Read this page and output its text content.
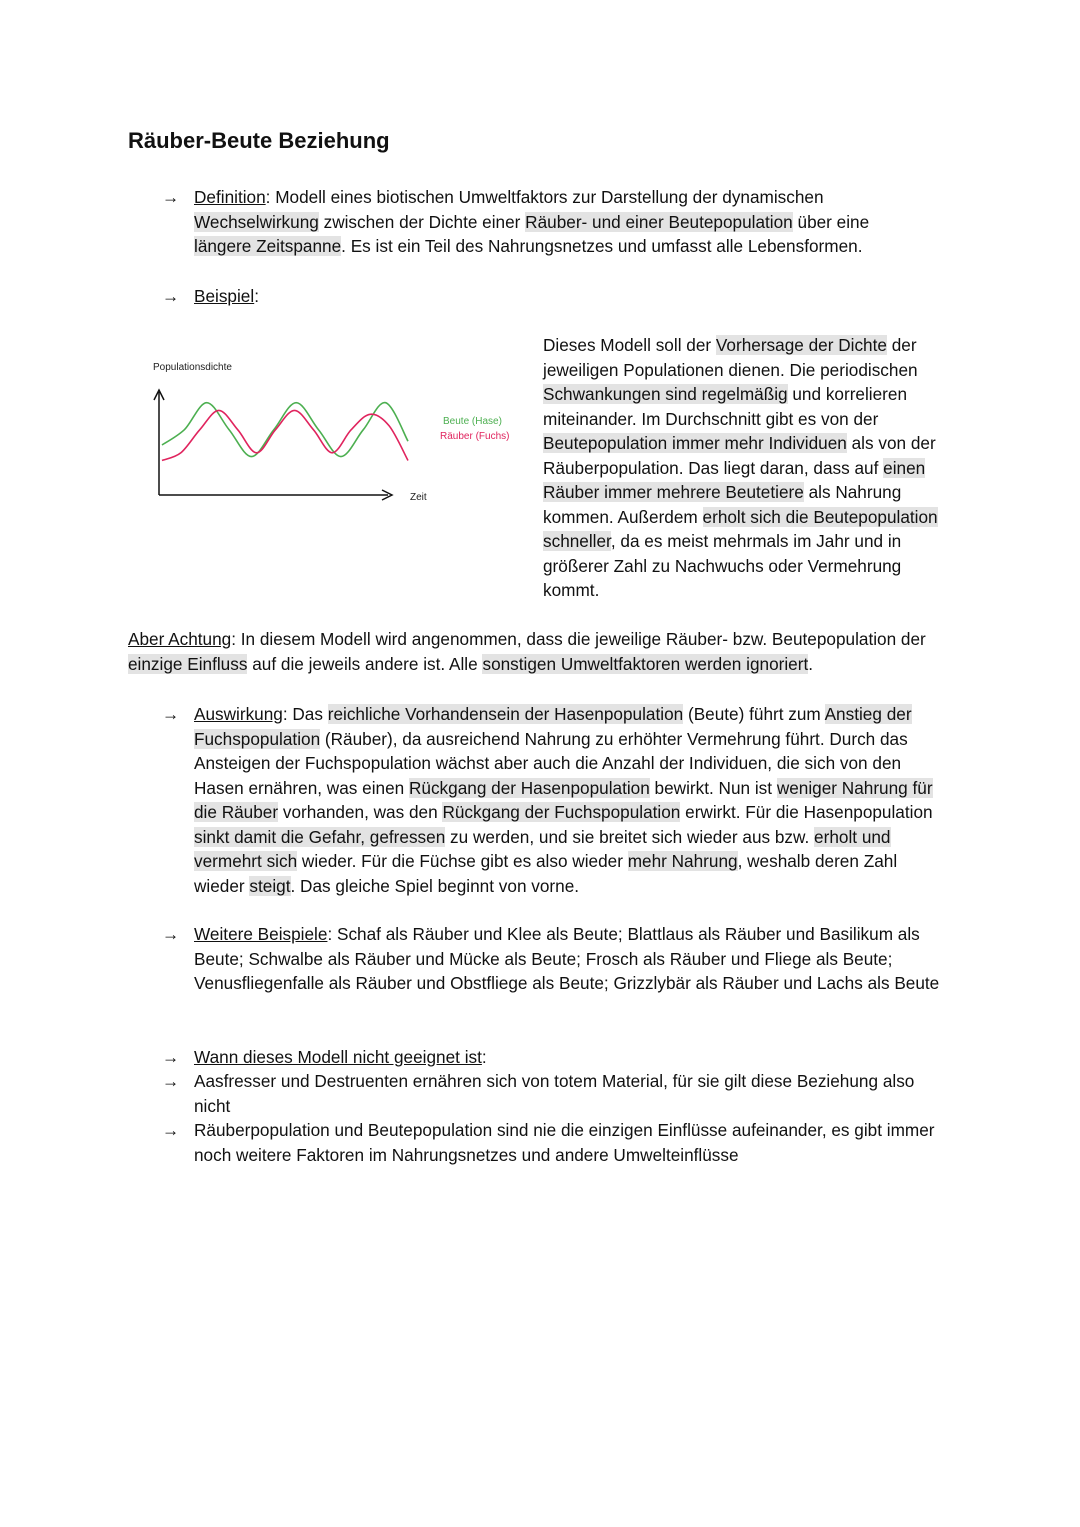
Räuber-Beute Beziehung
→ Definition: Modell eines biotischen Umweltfaktors zur Darstellung der dynamischen Wechselwirkung zwischen der Dichte einer Räuber- und einer Beutepopulation über eine längere Zeitspanne. Es ist ein Teil des Nahrungsnetzes und umfasst alle Lebensformen.
→ Beispiel:
Populationsdichte
Zeit
Beute (Hase)
Räuber (Fuchs)
Dieses Modell soll der Vorhersage der Dichte der jeweiligen Populationen dienen. Die periodischen Schwankungen sind regelmäßig und korrelieren miteinander. Im Durchschnitt gibt es von der Beutepopulation immer mehr Individuen als von der Räuberpopulation. Das liegt daran, dass auf einen Räuber immer mehrere Beutetiere als Nahrung kommen. Außerdem erholt sich die Beutepopulation schneller, da es meist mehrmals im Jahr und in größerer Zahl zu Nachwuchs oder Vermehrung kommt.
Aber Achtung: In diesem Modell wird angenommen, dass die jeweilige Räuber- bzw. Beutepopulation der einzige Einfluss auf die jeweils andere ist. Alle sonstigen Umweltfaktoren werden ignoriert.
→ Auswirkung: Das reichliche Vorhandensein der Hasenpopulation (Beute) führt zum Anstieg der Fuchspopulation (Räuber), da ausreichend Nahrung zu erhöhter Vermehrung führt. Durch das Ansteigen der Fuchspopulation wächst aber auch die Anzahl der Individuen, die sich von den Hasen ernähren, was einen Rückgang der Hasenpopulation bewirkt. Nun ist weniger Nahrung für die Räuber vorhanden, was den Rückgang der Fuchspopulation erwirkt. Für die Hasenpopulation sinkt damit die Gefahr, gefressen zu werden, und sie breitet sich wieder aus bzw. erholt und vermehrt sich wieder. Für die Füchse gibt es also wieder mehr Nahrung, weshalb deren Zahl wieder steigt. Das gleiche Spiel beginnt von vorne.
→ Weitere Beispiele: Schaf als Räuber und Klee als Beute; Blattlaus als Räuber und Basilikum als Beute; Schwalbe als Räuber und Mücke als Beute; Frosch als Räuber und Fliege als Beute; Venusfliegenfalle als Räuber und Obstfliege als Beute; Grizzlybär als Räuber und Lachs als Beute
→ Wann dieses Modell nicht geeignet ist:
→ Aasfresser und Destruenten ernähren sich von totem Material, für sie gilt diese Beziehung also nicht
→ Räuberpopulation und Beutepopulation sind nie die einzigen Einflüsse aufeinander, es gibt immer noch weitere Faktoren im Nahrungsnetzes und andere Umwelteinflüsse
